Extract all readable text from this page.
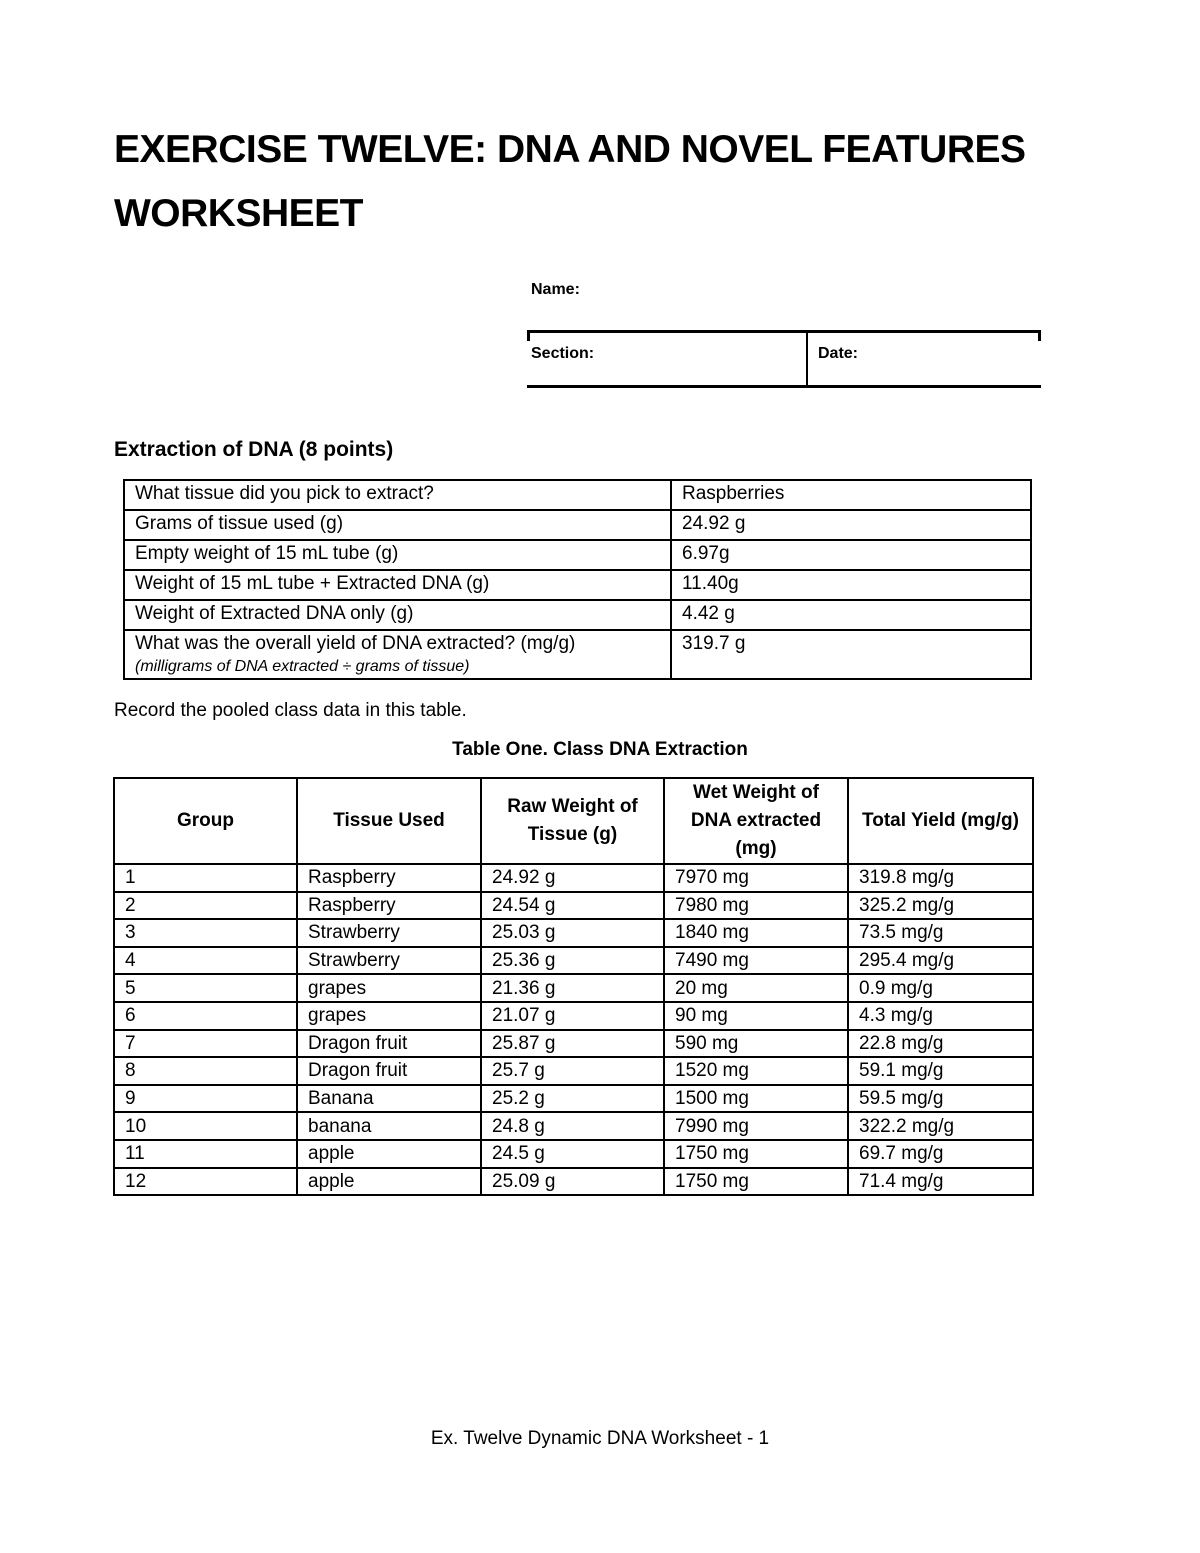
EXERCISE TWELVE: DNA AND NOVEL FEATURES
WORKSHEET
Name:
Section:	Date:
Extraction of DNA (8 points)
What tissue did you pick to extract?	Raspberries
Grams of tissue used (g)	24.92 g
Empty weight of 15 mL tube (g)	6.97g
Weight of 15 mL tube + Extracted DNA (g)	11.40g
Weight of Extracted DNA only (g)	4.42 g
What was the overall yield of DNA extracted? (mg/g)
(milligrams of DNA extracted ÷ grams of tissue)	319.7 g
Record the pooled class data in this table.
Table One. Class DNA Extraction
Group	Tissue Used	Raw Weight of Tissue (g)	Wet Weight of DNA extracted (mg)	Total Yield (mg/g)
1	Raspberry	24.92 g	7970 mg	319.8 mg/g
2	Raspberry	24.54 g	7980 mg	325.2 mg/g
3	Strawberry	25.03 g	1840 mg	73.5 mg/g
4	Strawberry	25.36 g	7490 mg	295.4 mg/g
5	grapes	21.36 g	20 mg	0.9 mg/g
6	grapes	21.07 g	90 mg	4.3 mg/g
7	Dragon fruit	25.87 g	590 mg	22.8 mg/g
8	Dragon fruit	25.7 g	1520 mg	59.1 mg/g
9	Banana	25.2 g	1500 mg	59.5 mg/g
10	banana	24.8 g	7990 mg	322.2 mg/g
11	apple	24.5 g	1750 mg	69.7 mg/g
12	apple	25.09 g	1750 mg	71.4 mg/g
Ex. Twelve Dynamic DNA Worksheet - 1
